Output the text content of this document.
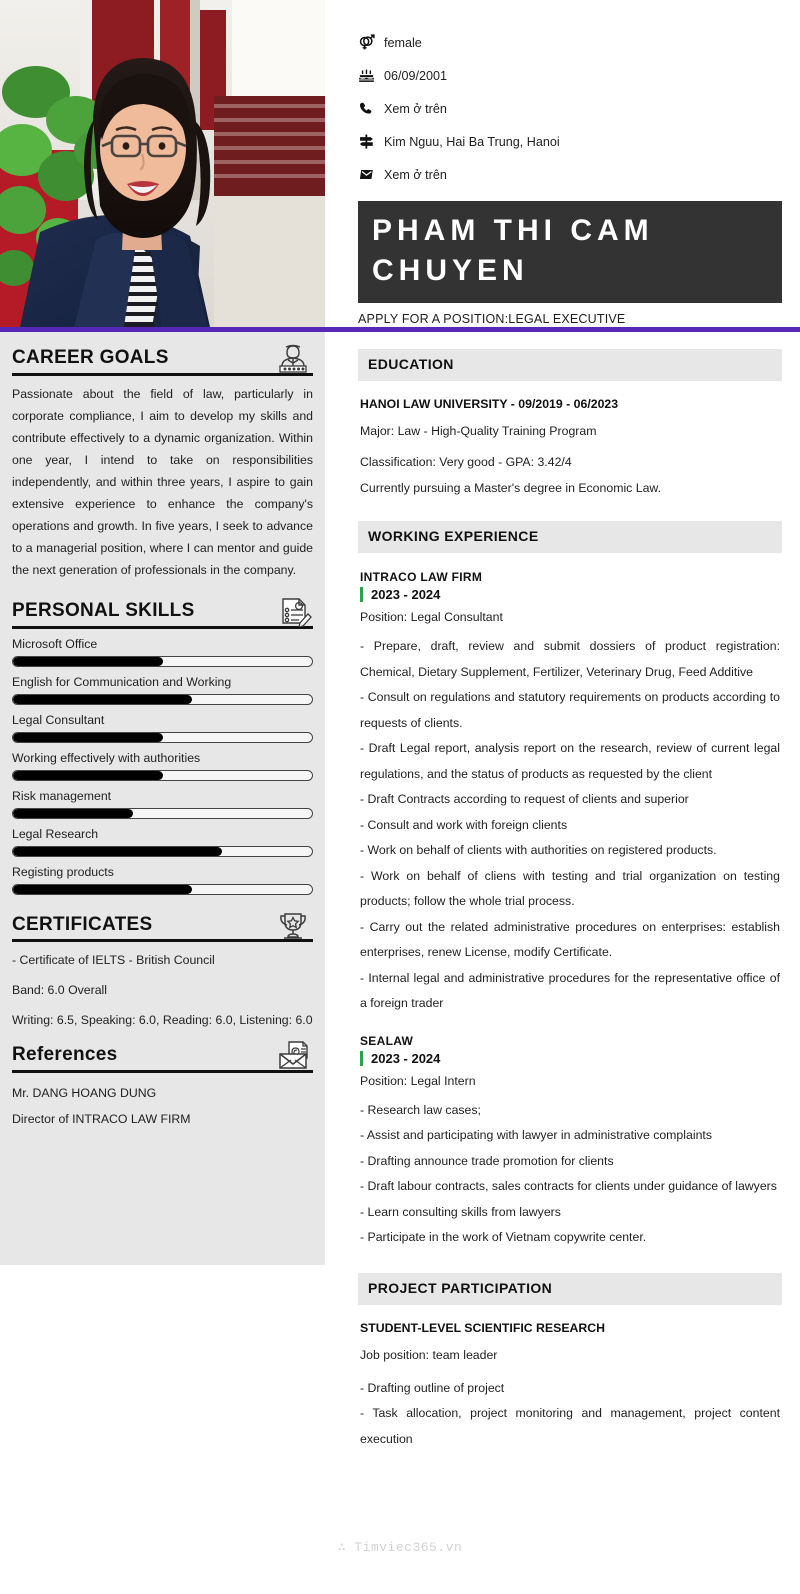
CAREER GOALS

Passionate about the field of law, particularly in corporate compliance, I aim to develop my skills and contribute effectively to a dynamic organization. Within one year, I intend to take on responsibilities independently, and within three years, I aspire to gain extensive experience to enhance the company's operations and growth. In five years, I seek to advance to a managerial position, where I can mentor and guide the next generation of professionals in the company.

PERSONAL SKILLS
Microsoft Office
English for Communication and Working
Legal Consultant
Working effectively with authorities
Risk management
Legal Research
Registing products
CERTIFICATES

- Certificate of IELTS - British Council

Band: 6.0 Overall

Writing: 6.5, Speaking: 6.0, Reading: 6.0, Listening: 6.0

References

Mr. DANG HOANG DUNG

Director of INTRACO LAW FIRM

female
06/09/2001
Xem ở trên
Kim Nguu, Hai Ba Trung, Hanoi
Xem ở trên
PHAM THI CAM CHUYEN
APPLY FOR A POSITION:LEGAL EXECUTIVE
EDUCATION
HANOI LAW UNIVERSITY - 09/2019 - 06/2023

Major: Law - High-Quality Training Program

Classification: Very good - GPA: 3.42/4

Currently pursuing a Master's degree in Economic Law.

WORKING EXPERIENCE
INTRACO LAW FIRM
2023 - 2024
Position: Legal Consultant

- Prepare, draft, review and submit dossiers of product registration: Chemical, Dietary Supplement, Fertilizer, Veterinary Drug, Feed Additive

- Consult on regulations and statutory requirements on products according to requests of clients.

- Draft Legal report, analysis report on the research, review of current legal regulations, and the status of products as requested by the client

- Draft Contracts according to request of clients and superior

- Consult and work with foreign clients

- Work on behalf of clients with authorities on registered products.

- Work on behalf of cliens with testing and trial organization on testing products; follow the whole trial process.

- Carry out the related administrative procedures on enterprises: establish enterprises, renew License, modify Certificate.

- Internal legal and administrative procedures for the representative office of a foreign trader

SEALAW
2023 - 2024
Position: Legal Intern

- Research law cases;

- Assist and participating with lawyer in administrative complaints

- Drafting announce trade promotion for clients

- Draft labour contracts, sales contracts for clients under guidance of lawyers

- Learn consulting skills from lawyers

- Participate in the work of Vietnam copywrite center.

PROJECT PARTICIPATION
STUDENT-LEVEL SCIENTIFIC RESEARCH

Job position: team leader

- Drafting outline of project

- Task allocation, project monitoring and management, project content execution

∴ Timviec365.vn
